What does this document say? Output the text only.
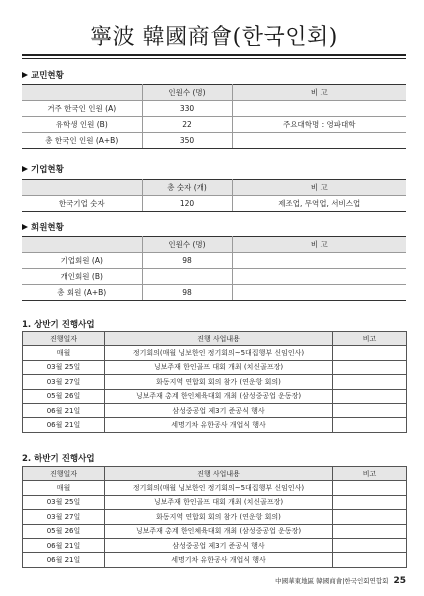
寧波 韓國商會(한국인회)
교민현황
	인원수 (명)	비 고
거주 한국인 인원 (A)	330	
유학생 인원 (B)	22	주요대학명 : 영파대학
총 한국인 인원 (A+B)	350	
기업현황
	총 숫자 (개)	비 고
한국기업 숫자	120	제조업, 무역업, 서비스업
회원현황
	인원수 (명)	비 고
기업회원 (A)	98	
개인회원 (B)		
총 회원 (A+B)	98	
1. 상반기 진행사업
진행일자	진행 사업내용	비고
매월	정기회의(매월 닝보한인 정기회의~5대집행부 신임인사)	
03월 25일	닝보주재 한인골프 대회 개최 (치신골프장)	
03월 27일	화동지역 연합회 회의 참가 (연운항 회의)	
05월 26일	닝보주재 총계 한인체육대회 개최 (삼성중공업 운동장)	
06월 21일	삼성중공업 제3기 준공식 행사	
06월 21일	세명기차 유한공사 개업식 행사	
2. 하반기 진행사업
진행일자	진행 사업내용	비고
매월	정기회의(매월 닝보한인 정기회의~5대집행부 신임인사)	
03월 25일	닝보주재 한인골프 대회 개최 (치신골프장)	
03월 27일	화동지역 연합회 회의 참가 (연운항 회의)	
05월 26일	닝보주재 총계 한인체육대회 개최 (삼성중공업 운동장)	
06월 21일	삼성중공업 제3기 준공식 행사	
06월 21일	세명기차 유한공사 개업식 행사	
中國華東地區 韓國商會|한국인회연합회 25
